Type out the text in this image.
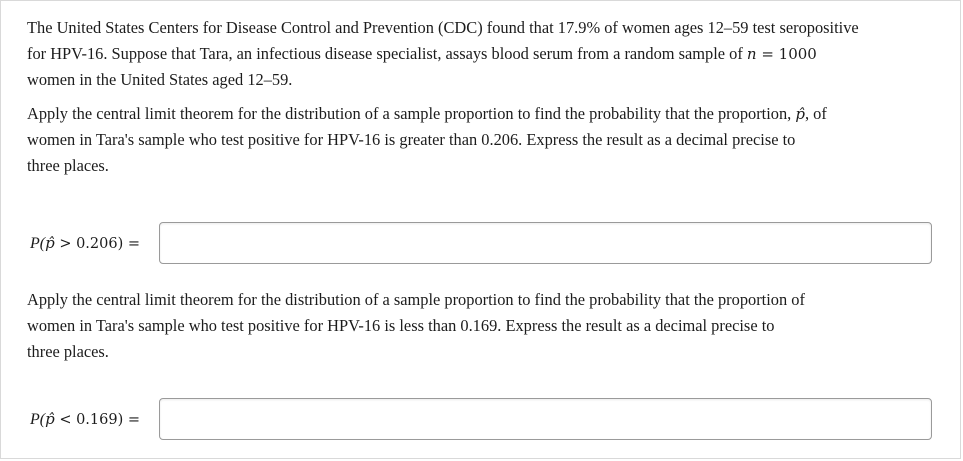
The United States Centers for Disease Control and Prevention (CDC) found that 17.9% of women ages 12–59 test seropositive
for HPV-16. Suppose that Tara, an infectious disease specialist, assays blood serum from a random sample of n = 1000
women in the United States aged 12–59.

Apply the central limit theorem for the distribution of a sample proportion to find the probability that the proportion, p̂, of
women in Tara's sample who test positive for HPV-16 is greater than 0.206. Express the result as a decimal precise to
three places.

P(p̂ > 0.206) =

Apply the central limit theorem for the distribution of a sample proportion to find the probability that the proportion of
women in Tara's sample who test positive for HPV-16 is less than 0.169. Express the result as a decimal precise to
three places.

P(p̂ < 0.169) =
